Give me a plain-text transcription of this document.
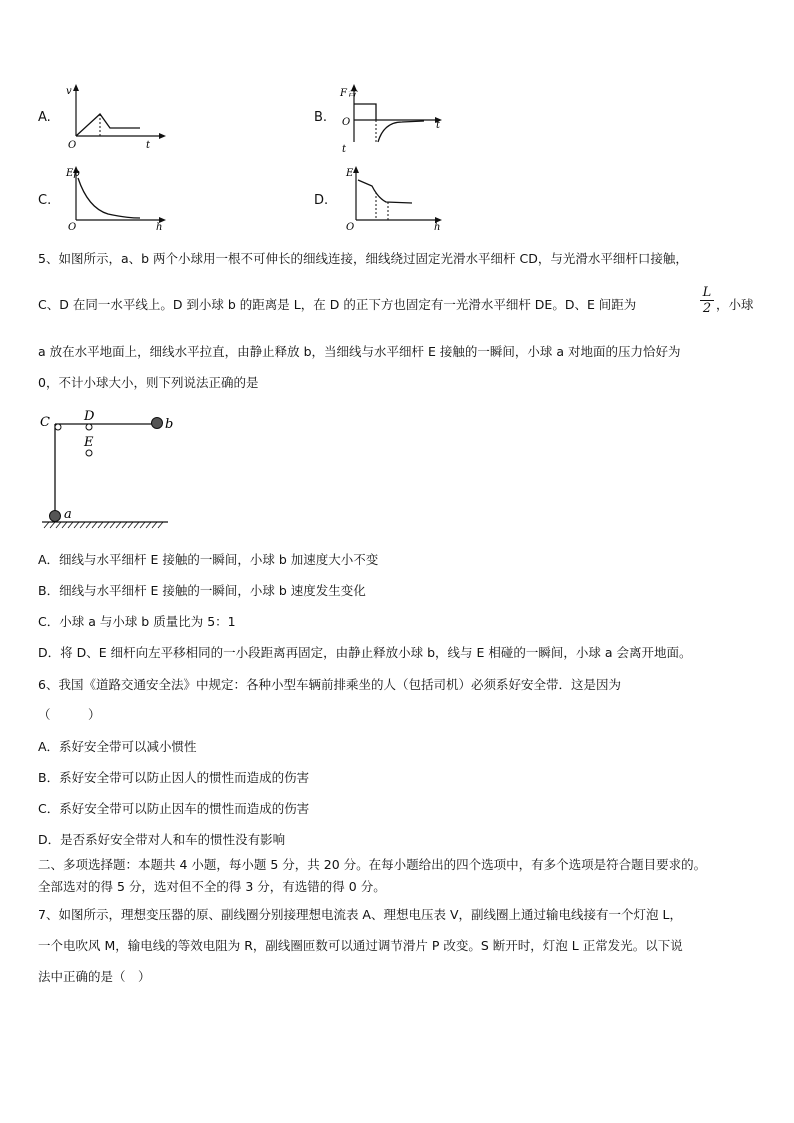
A.
v
O	t
B.
F合
O	t
t
C.
Ep
O	h
D.
E
O	h
5、如图所示，a、b 两个小球用一根不可伸长的细线连接，细线绕过固定光滑水平细杆 CD，与光滑水平细杆口接触，
C、D 在同一水平线上。D 到小球 b 的距离是 L，在 D 的正下方也固定有一光滑水平细杆 DE。D、E 间距为	$\frac{L}{2}$ ，小球
a 放在水平地面上，细线水平拉直，由静止释放 b，当细线与水平细杆 E 接触的一瞬间，小球 a 对地面的压力恰好为
0，不计小球大小，则下列说法正确的是
C	D
E
b
a
A．细线与水平细杆 E 接触的一瞬间，小球 b 加速度大小不变
B．细线与水平细杆 E 接触的一瞬间，小球 b 速度发生变化
C．小球 a 与小球 b 质量比为 5：1
D．将 D、E 细杆向左平移相同的一小段距离再固定，由静止释放小球 b，线与 E 相碰的一瞬间，小球 a 会离开地面。
6、我国《道路交通安全法》中规定：各种小型车辆前排乘坐的人（包括司机）必须系好安全带．这是因为
（　　　）
A．系好安全带可以减小惯性
B．系好安全带可以防止因人的惯性而造成的伤害
C．系好安全带可以防止因车的惯性而造成的伤害
D．是否系好安全带对人和车的惯性没有影响
二、多项选择题：本题共 4 小题，每小题 5 分，共 20 分。在每小题给出的四个选项中，有多个选项是符合题目要求的。
全部选对的得 5 分，选对但不全的得 3 分，有选错的得 0 分。
7、如图所示，理想变压器的原、副线圈分别接理想电流表 A、理想电压表 V，副线圈上通过输电线接有一个灯泡 L，
一个电吹风 M，输电线的等效电阻为 R，副线圈匝数可以通过调节滑片 P 改变。S 断开时，灯泡 L 正常发光。以下说
法中正确的是（　）
